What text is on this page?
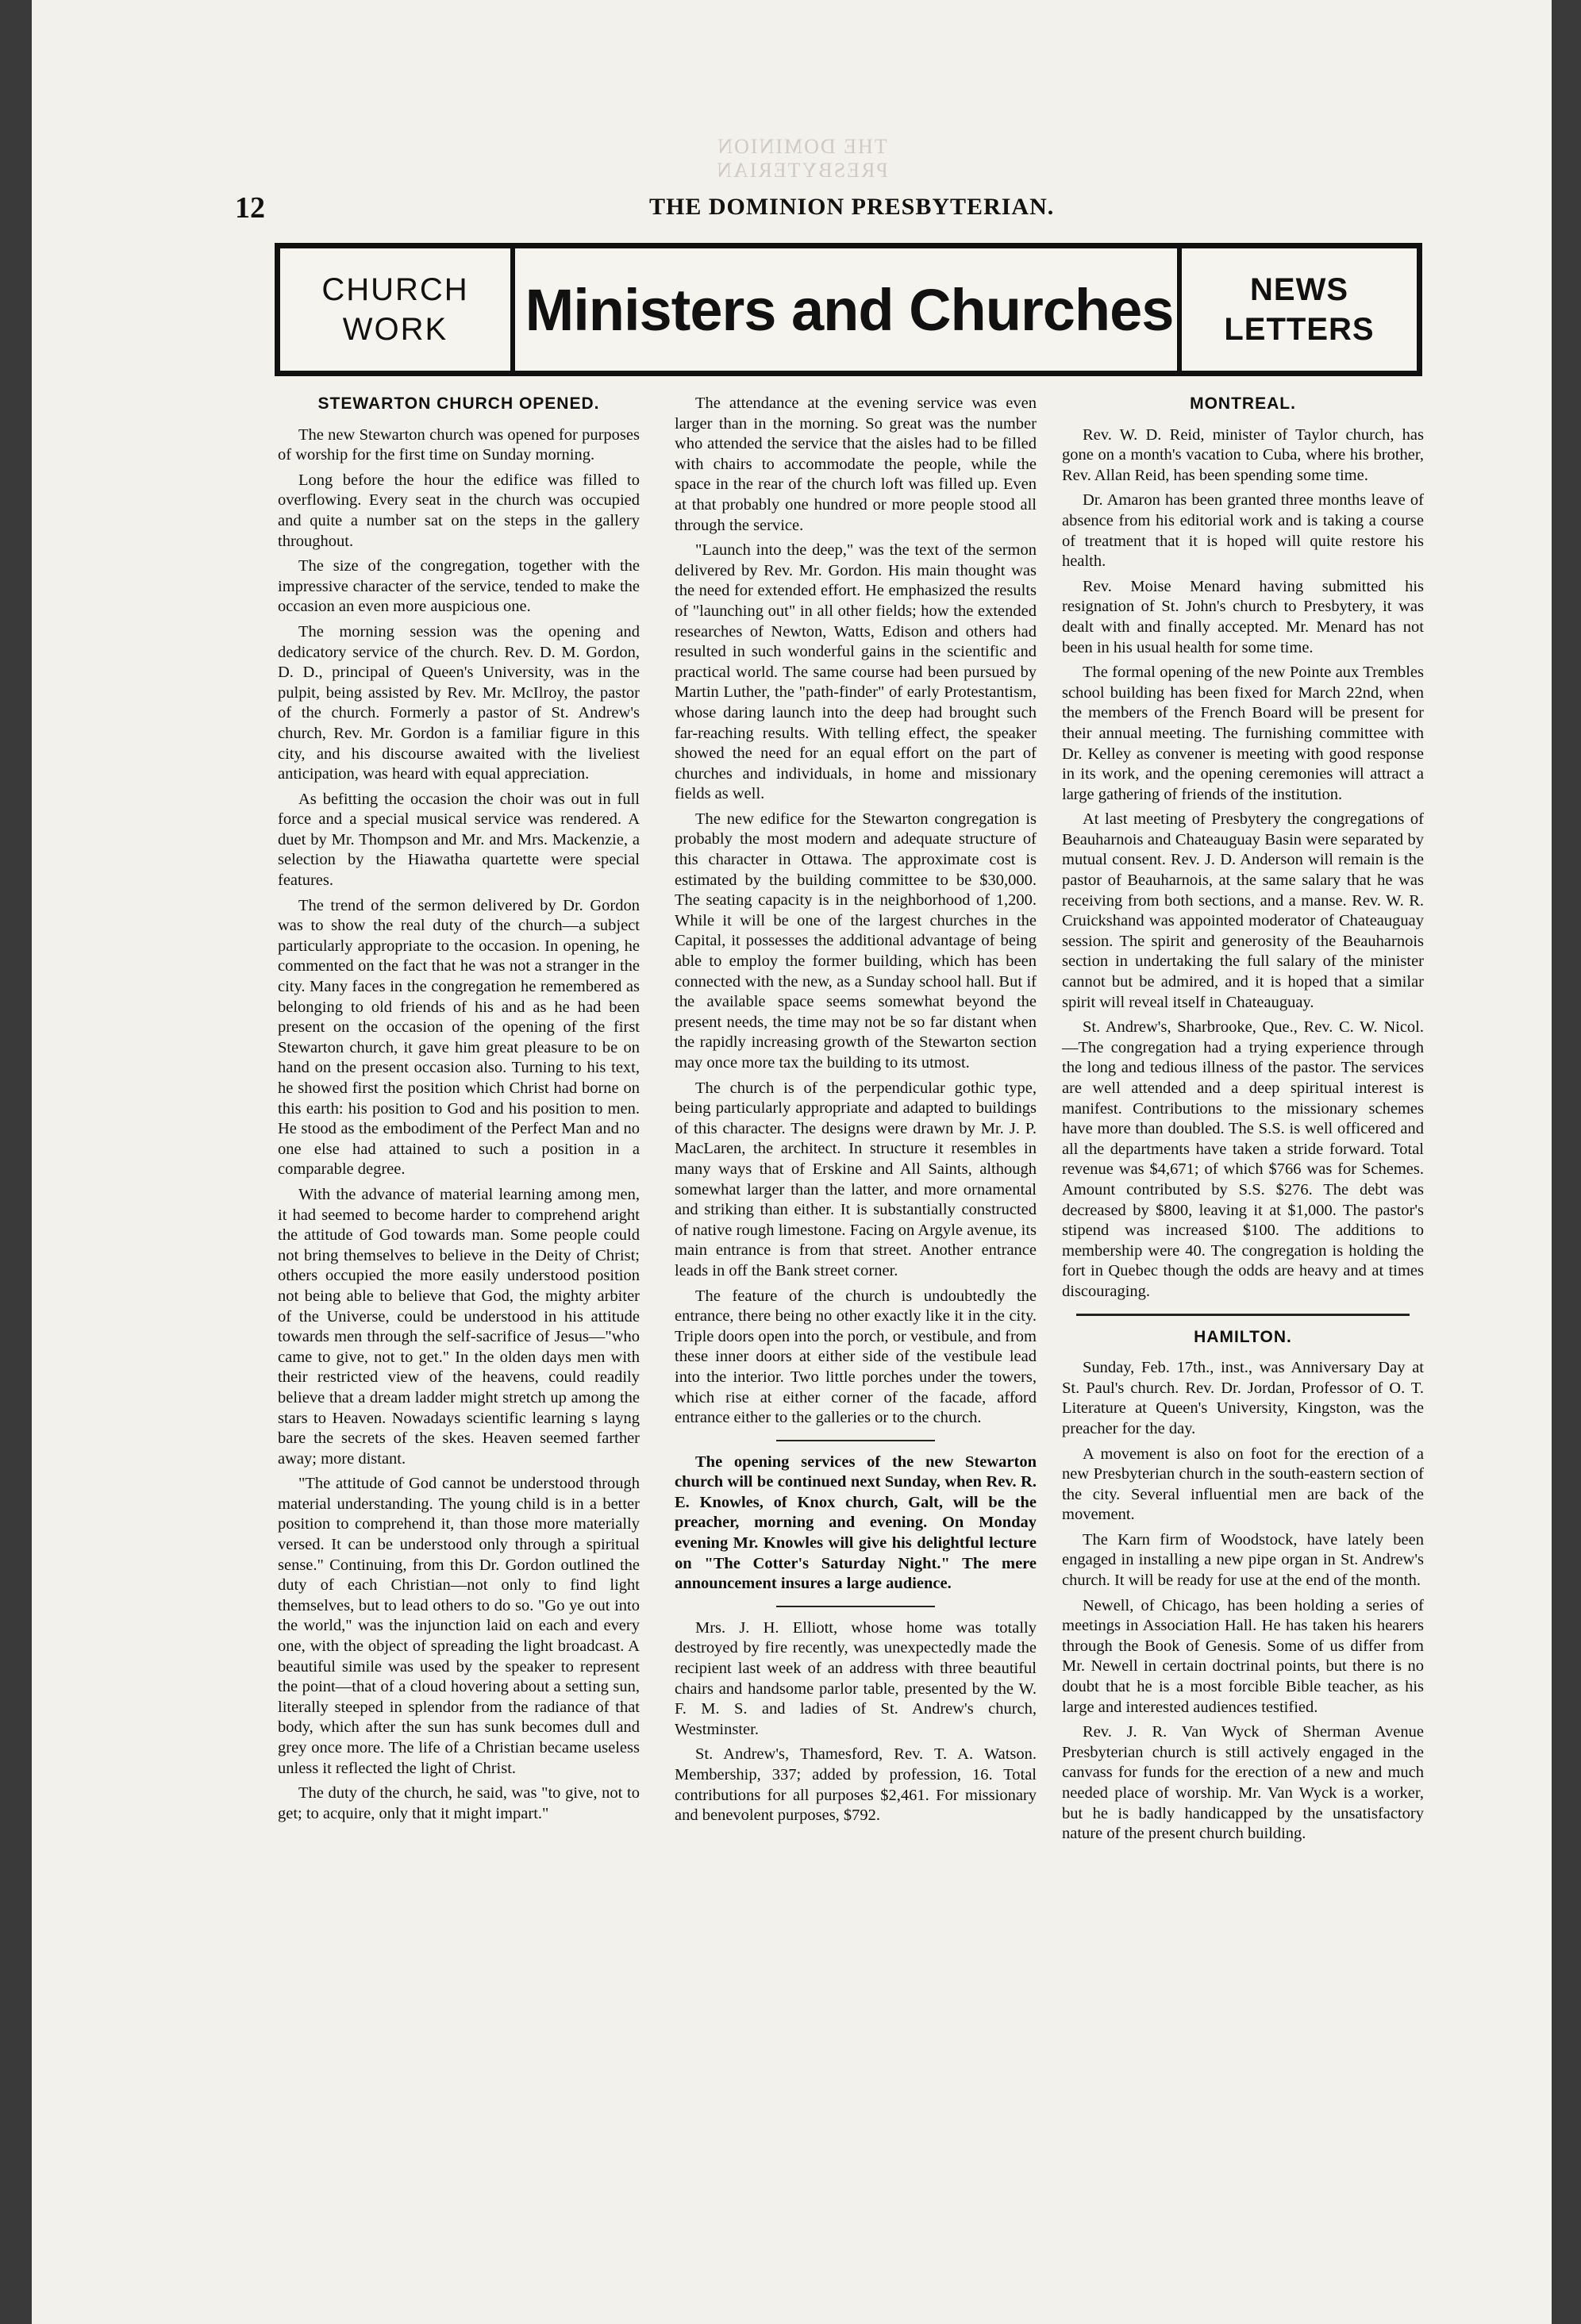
THE DOMINION PRESBYTERIAN
12	THE DOMINION PRESBYTERIAN.
CHURCH
WORK Ministers and Churches NEWS
LETTERS
STEWARTON CHURCH OPENED.

The new Stewarton church was opened for purposes of worship for the first time on Sunday morning.

Long before the hour the edifice was filled to overflowing. Every seat in the church was occupied and quite a number sat on the steps in the gallery throughout.

The size of the congregation, together with the impressive character of the service, tended to make the occasion an even more auspicious one.

The morning session was the opening and dedicatory service of the church. Rev. D. M. Gordon, D. D., principal of Queen's University, was in the pulpit, being assisted by Rev. Mr. McIlroy, the pastor of the church. Formerly a pastor of St. Andrew's church, Rev. Mr. Gordon is a familiar figure in this city, and his discourse awaited with the liveliest anticipation, was heard with equal appreciation.

As befitting the occasion the choir was out in full force and a special musical service was rendered. A duet by Mr. Thompson and Mr. and Mrs. Mackenzie, a selection by the Hiawatha quartette were special features.

The trend of the sermon delivered by Dr. Gordon was to show the real duty of the church—a subject particularly appropriate to the occasion. In opening, he commented on the fact that he was not a stranger in the city. Many faces in the congregation he remembered as belonging to old friends of his and as he had been present on the occasion of the opening of the first Stewarton church, it gave him great pleasure to be on hand on the present occasion also. Turning to his text, he showed first the position which Christ had borne on this earth: his position to God and his position to men. He stood as the embodiment of the Perfect Man and no one else had attained to such a position in a comparable degree.

With the advance of material learning among men, it had seemed to become harder to comprehend aright the attitude of God towards man. Some people could not bring themselves to believe in the Deity of Christ; others occupied the more easily understood position not being able to believe that God, the mighty arbiter of the Universe, could be understood in his attitude towards men through the self-sacrifice of Jesus—"who came to give, not to get." In the olden days men with their restricted view of the heavens, could readily believe that a dream ladder might stretch up among the stars to Heaven. Nowadays scientific learning s layng bare the secrets of the skes. Heaven seemed farther away; more distant.

"The attitude of God cannot be understood through material understanding. The young child is in a better position to comprehend it, than those more materially versed. It can be understood only through a spiritual sense." Continuing, from this Dr. Gordon outlined the duty of each Christian—not only to find light themselves, but to lead others to do so. "Go ye out into the world," was the injunction laid on each and every one, with the object of spreading the light broadcast. A beautiful simile was used by the speaker to represent the point—that of a cloud hovering about a setting sun, literally steeped in splendor from the radiance of that body, which after the sun has sunk becomes dull and grey once more. The life of a Christian became useless unless it reflected the light of Christ.

The duty of the church, he said, was "to give, not to get; to acquire, only that it might impart."

The attendance at the evening service was even larger than in the morning. So great was the number who attended the service that the aisles had to be filled with chairs to accommodate the people, while the space in the rear of the church loft was filled up. Even at that probably one hundred or more people stood all through the service.

"Launch into the deep," was the text of the sermon delivered by Rev. Mr. Gordon. His main thought was the need for extended effort. He emphasized the results of "launching out" in all other fields; how the extended researches of Newton, Watts, Edison and others had resulted in such wonderful gains in the scientific and practical world. The same course had been pursued by Martin Luther, the "path-finder" of early Protestantism, whose daring launch into the deep had brought such far-reaching results. With telling effect, the speaker showed the need for an equal effort on the part of churches and individuals, in home and missionary fields as well.

The new edifice for the Stewarton congregation is probably the most modern and adequate structure of this character in Ottawa. The approximate cost is estimated by the building committee to be $30,000. The seating capacity is in the neighborhood of 1,200. While it will be one of the largest churches in the Capital, it possesses the additional advantage of being able to employ the former building, which has been connected with the new, as a Sunday school hall. But if the available space seems somewhat beyond the present needs, the time may not be so far distant when the rapidly increasing growth of the Stewarton section may once more tax the building to its utmost.

The church is of the perpendicular gothic type, being particularly appropriate and adapted to buildings of this character. The designs were drawn by Mr. J. P. MacLaren, the architect. In structure it resembles in many ways that of Erskine and All Saints, although somewhat larger than the latter, and more ornamental and striking than either. It is substantially constructed of native rough limestone. Facing on Argyle avenue, its main entrance is from that street. Another entrance leads in off the Bank street corner.

The feature of the church is undoubtedly the entrance, there being no other exactly like it in the city. Triple doors open into the porch, or vestibule, and from these inner doors at either side of the vestibule lead into the interior. Two little porches under the towers, which rise at either corner of the facade, afford entrance either to the galleries or to the church.

The opening services of the new Stewarton church will be continued next Sunday, when Rev. R. E. Knowles, of Knox church, Galt, will be the preacher, morning and evening. On Monday evening Mr. Knowles will give his delightful lecture on "The Cotter's Saturday Night." The mere announcement insures a large audience.

Mrs. J. H. Elliott, whose home was totally destroyed by fire recently, was unexpectedly made the recipient last week of an address with three beautiful chairs and handsome parlor table, presented by the W. F. M. S. and ladies of St. Andrew's church, Westminster.

St. Andrew's, Thamesford, Rev. T. A. Watson. Membership, 337; added by profession, 16. Total contributions for all purposes $2,461. For missionary and benevolent purposes, $792.

MONTREAL.

Rev. W. D. Reid, minister of Taylor church, has gone on a month's vacation to Cuba, where his brother, Rev. Allan Reid, has been spending some time.

Dr. Amaron has been granted three months leave of absence from his editorial work and is taking a course of treatment that it is hoped will quite restore his health.

Rev. Moise Menard having submitted his resignation of St. John's church to Presbytery, it was dealt with and finally accepted. Mr. Menard has not been in his usual health for some time.

The formal opening of the new Pointe aux Trembles school building has been fixed for March 22nd, when the members of the French Board will be present for their annual meeting. The furnishing committee with Dr. Kelley as convener is meeting with good response in its work, and the opening ceremonies will attract a large gathering of friends of the institution.

At last meeting of Presbytery the congregations of Beauharnois and Chateauguay Basin were separated by mutual consent. Rev. J. D. Anderson will remain is the pastor of Beauharnois, at the same salary that he was receiving from both sections, and a manse. Rev. W. R. Cruickshand was appointed moderator of Chateauguay session. The spirit and generosity of the Beauharnois section in undertaking the full salary of the minister cannot but be admired, and it is hoped that a similar spirit will reveal itself in Chateauguay.

St. Andrew's, Sharbrooke, Que., Rev. C. W. Nicol.—The congregation had a trying experience through the long and tedious illness of the pastor. The services are well attended and a deep spiritual interest is manifest. Contributions to the missionary schemes have more than doubled. The S.S. is well officered and all the departments have taken a stride forward. Total revenue was $4,671; of which $766 was for Schemes. Amount contributed by S.S. $276. The debt was decreased by $800, leaving it at $1,000. The pastor's stipend was increased $100. The additions to membership were 40. The congregation is holding the fort in Quebec though the odds are heavy and at times discouraging.

HAMILTON.

Sunday, Feb. 17th., inst., was Anniversary Day at St. Paul's church. Rev. Dr. Jordan, Professor of O. T. Literature at Queen's University, Kingston, was the preacher for the day.

A movement is also on foot for the erection of a new Presbyterian church in the south-eastern section of the city. Several influential men are back of the movement.

The Karn firm of Woodstock, have lately been engaged in installing a new pipe organ in St. Andrew's church. It will be ready for use at the end of the month.

Newell, of Chicago, has been holding a series of meetings in Association Hall. He has taken his hearers through the Book of Genesis. Some of us differ from Mr. Newell in certain doctrinal points, but there is no doubt that he is a most forcible Bible teacher, as his large and interested audiences testified.

Rev. J. R. Van Wyck of Sherman Avenue Presbyterian church is still actively engaged in the canvass for funds for the erection of a new and much needed place of worship. Mr. Van Wyck is a worker, but he is badly handicapped by the unsatisfactory nature of the present church building.
